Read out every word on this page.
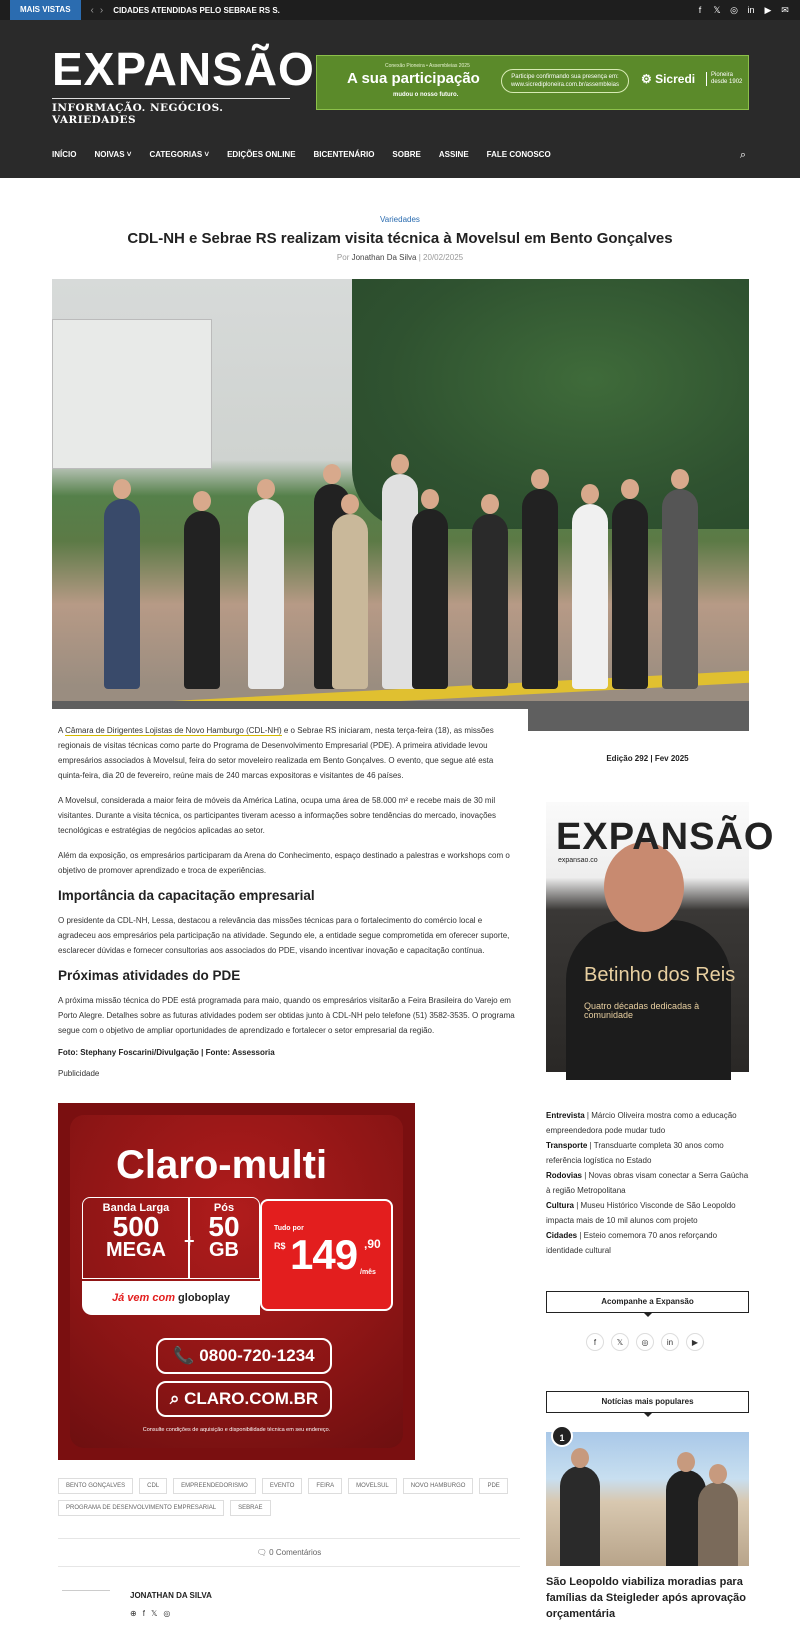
MAIS VISTAS	‹› CIDADES ATENDIDAS PELO SEBRAE RS S.	f	𝕏 ◎ in ▶ ✉
EXPANSÃO
INFORMAÇÃO. NEGÓCIOS. VARIEDADES
Conexão Pioneira • Assembleias 2025
A sua participação
mudou o nosso futuro.
Participe confirmando sua presença em: www.sicrediploneira.com.br/assembleias	⚙ Sicredi	Pioneira desde 1902
INÍCIO NOIVAS ˅ CATEGORIAS ˅ EDIÇÕES ONLINE BICENTENÁRIO SOBRE ASSINE FALE CONOSCO	⌕
Variedades
CDL-NH e Sebrae RS realizam visita técnica à Movelsul em Bento Gonçalves
Por Jonathan Da Silva | 20/02/2025

A Câmara de Dirigentes Lojistas de Novo Hamburgo (CDL-NH) e o Sebrae RS iniciaram, nesta terça-feira (18), as missões regionais de visitas técnicas como parte do Programa de Desenvolvimento Empresarial (PDE). A primeira atividade levou empresários associados à Movelsul, feira do setor moveleiro realizada em Bento Gonçalves. O evento, que segue até esta quinta-feira, dia 20 de fevereiro, reúne mais de 240 marcas expositoras e visitantes de 46 países.

A Movelsul, considerada a maior feira de móveis da América Latina, ocupa uma área de 58.000 m² e recebe mais de 30 mil visitantes. Durante a visita técnica, os participantes tiveram acesso a informações sobre tendências do mercado, inovações tecnológicas e estratégias de negócios aplicadas ao setor.

Além da exposição, os empresários participaram da Arena do Conhecimento, espaço destinado a palestras e workshops com o objetivo de promover aprendizado e troca de experiências.

Importância da capacitação empresarial

O presidente da CDL-NH, Lessa, destacou a relevância das missões técnicas para o fortalecimento do comércio local e agradeceu aos empresários pela participação na atividade. Segundo ele, a entidade segue comprometida em oferecer suporte, esclarecer dúvidas e fornecer consultorias aos associados do PDE, visando incentivar inovação e capacitação contínua.

Próximas atividades do PDE

A próxima missão técnica do PDE está programada para maio, quando os empresários visitarão a Feira Brasileira do Varejo em Porto Alegre. Detalhes sobre as futuras atividades podem ser obtidas junto à CDL-NH pelo telefone (51) 3582-3535. O programa segue com o objetivo de ampliar oportunidades de aprendizado e fortalecer o setor empresarial da região.

Foto: Stephany Foscarini/Divulgação | Fonte: Assessoria

Publicidade

Claro-multi
Banda Larga
500
MEGA	+
Pós
50
GB
Tudo por
R$ 149 ,90
/mês
Já vem com globoplay
📞 0800-720-1234
⌕ CLARO.COM.BR
Consulte condições de aquisição e disponibilidade técnica em seu endereço.
BENTO GONÇALVES	CDL	EMPREENDEDORISMO	EVENTO	FEIRA	MOVELSUL	NOVO HAMBURGO	PDE
PROGRAMA DE DESENVOLVIMENTO EMPRESARIAL	SEBRAE
🗨 0 Comentários
JONATHAN DA SILVA
⊕ f 𝕏 ◎
Edição 292 | Fev 2025
EXPANSÃO
expansao.co
Betinho dos Reis
Quatro décadas dedicadas à comunidade

Entrevista | Márcio Oliveira mostra como a educação empreendedora pode mudar tudo

Transporte | Transduarte completa 30 anos como referência logística no Estado

Rodovias | Novas obras visam conectar a Serra Gaúcha à região Metropolitana

Cultura | Museu Histórico Visconde de São Leopoldo impacta mais de 10 mil alunos com projeto

Cidades | Esteio comemora 70 anos reforçando identidade cultural

Acompanhe a Expansão
f	𝕏	◎	in	▶
Notícias mais populares
1
São Leopoldo viabiliza moradias para famílias da Steigleder após aprovação orçamentária
